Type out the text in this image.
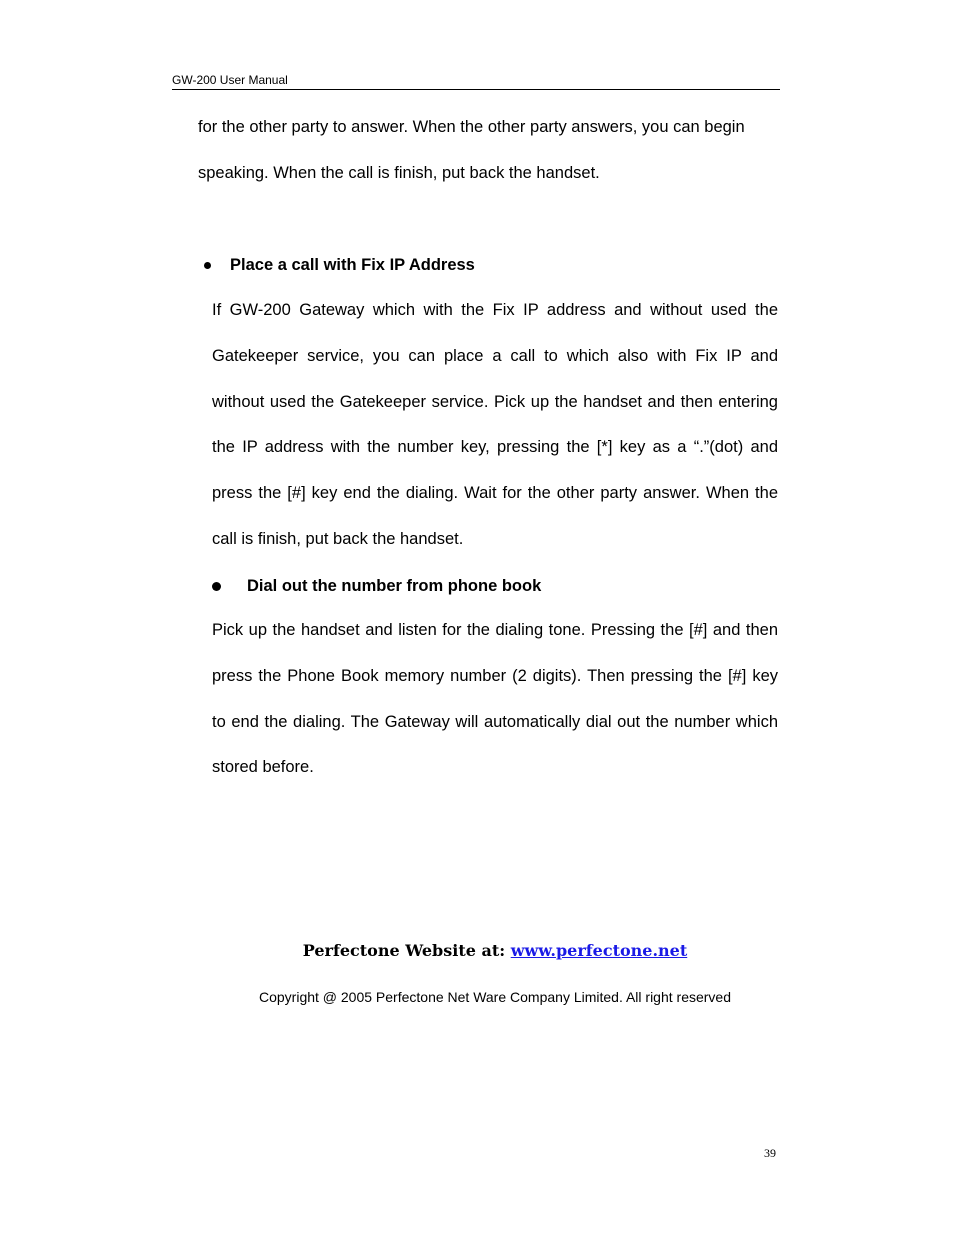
GW-200 User Manual
for the other party to answer. When the other party answers, you can begin
speaking. When the call is finish, put back the handset.
Place a call with Fix IP Address

If GW-200 Gateway which with the Fix IP address and without used the Gatekeeper service, you can place a call to which also with Fix IP and without used the Gatekeeper service. Pick up the handset and then entering the IP address with the number key, pressing the [*] key as a “.”(dot) and press the [#] key end the dialing. Wait for the other party answer. When the call is finish, put back the handset.

Dial out the number from phone book

Pick up the handset and listen for the dialing tone. Pressing the [#] and then press the Phone Book memory number (2 digits). Then pressing the [#] key to end the dialing. The Gateway will automatically dial out the number which stored before.

Perfectone Website at: www.perfectone.net
Copyright @ 2005 Perfectone Net Ware Company Limited. All right reserved
39
